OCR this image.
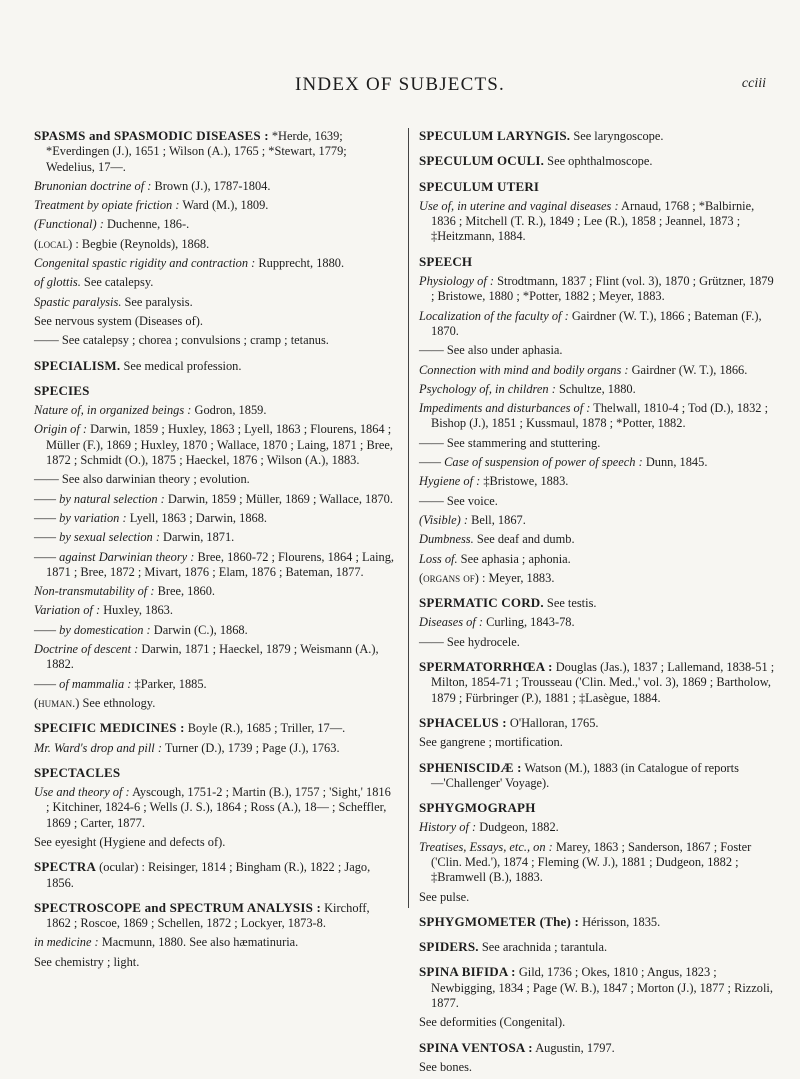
INDEX OF SUBJECTS.	cciii
SPASMS and SPASMODIC DISEASES : *Herde, 1639; *Everdingen (J.), 1651 ; Wilson (A.), 1765 ; *Stewart, 1779; Wedelius, 17—.
Brunonian doctrine of : Brown (J.), 1787-1804.
Treatment by opiate friction : Ward (M.), 1809.
(Functional) : Duchenne, 186-.
(local) : Begbie (Reynolds), 1868.
Congenital spastic rigidity and contraction : Rupprecht, 1880.
of glottis. See catalepsy.
Spastic paralysis. See paralysis.
See nervous system (Diseases of).
—— See catalepsy ; chorea ; convulsions ; cramp ; tetanus.
SPECIALISM. See medical profession.
SPECIES
Nature of, in organized beings : Godron, 1859.
Origin of : Darwin, 1859 ; Huxley, 1863 ; Lyell, 1863 ; Flourens, 1864 ; Müller (F.), 1869 ; Huxley, 1870 ; Wallace, 1870 ; Laing, 1871 ; Bree, 1872 ; Schmidt (O.), 1875 ; Haeckel, 1876 ; Wilson (A.), 1883.
—— See also darwinian theory ; evolution.
—— by natural selection : Darwin, 1859 ; Müller, 1869 ; Wallace, 1870.
—— by variation : Lyell, 1863 ; Darwin, 1868.
—— by sexual selection : Darwin, 1871.
—— against Darwinian theory : Bree, 1860-72 ; Flourens, 1864 ; Laing, 1871 ; Bree, 1872 ; Mivart, 1876 ; Elam, 1876 ; Bateman, 1877.
Non-transmutability of : Bree, 1860.
Variation of : Huxley, 1863.
—— by domestication : Darwin (C.), 1868.
Doctrine of descent : Darwin, 1871 ; Haeckel, 1879 ; Weismann (A.), 1882.
—— of mammalia : ‡Parker, 1885.
(human.) See ethnology.
SPECIFIC MEDICINES : Boyle (R.), 1685 ; Triller, 17—.
Mr. Ward's drop and pill : Turner (D.), 1739 ; Page (J.), 1763.
SPECTACLES
Use and theory of : Ayscough, 1751-2 ; Martin (B.), 1757 ; 'Sight,' 1816 ; Kitchiner, 1824-6 ; Wells (J. S.), 1864 ; Ross (A.), 18— ; Scheffler, 1869 ; Carter, 1877.
See eyesight (Hygiene and defects of).
SPECTRA (ocular) : Reisinger, 1814 ; Bingham (R.), 1822 ; Jago, 1856.
SPECTROSCOPE and SPECTRUM ANALYSIS : Kirchoff, 1862 ; Roscoe, 1869 ; Schellen, 1872 ; Lockyer, 1873-8.
in medicine : Macmunn, 1880. See also hæmatinuria.
See chemistry ; light.
SPECULUM LARYNGIS. See laryngoscope.
SPECULUM OCULI. See ophthalmoscope.
SPECULUM UTERI
Use of, in uterine and vaginal diseases : Arnaud, 1768 ; *Balbirnie, 1836 ; Mitchell (T. R.), 1849 ; Lee (R.), 1858 ; Jeannel, 1873 ; ‡Heitzmann, 1884.
SPEECH
Physiology of : Strodtmann, 1837 ; Flint (vol. 3), 1870 ; Grützner, 1879 ; Bristowe, 1880 ; *Potter, 1882 ; Meyer, 1883.
Localization of the faculty of : Gairdner (W. T.), 1866 ; Bateman (F.), 1870.
—— See also under aphasia.
Connection with mind and bodily organs : Gairdner (W. T.), 1866.
Psychology of, in children : Schultze, 1880.
Impediments and disturbances of : Thelwall, 1810-4 ; Tod (D.), 1832 ; Bishop (J.), 1851 ; Kussmaul, 1878 ; *Potter, 1882.
—— See stammering and stuttering.
—— Case of suspension of power of speech : Dunn, 1845.
Hygiene of : ‡Bristowe, 1883.
—— See voice.
(Visible) : Bell, 1867.
Dumbness. See deaf and dumb.
Loss of. See aphasia ; aphonia.
(organs of) : Meyer, 1883.
SPERMATIC CORD. See testis.
Diseases of : Curling, 1843-78.
—— See hydrocele.
SPERMATORRHŒA : Douglas (Jas.), 1837 ; Lallemand, 1838-51 ; Milton, 1854-71 ; Trousseau ('Clin. Med.,' vol. 3), 1869 ; Bartholow, 1879 ; Fürbringer (P.), 1881 ; ‡Lasègue, 1884.
SPHACELUS : O'Halloran, 1765.
See gangrene ; mortification.
SPHENISCIDÆ : Watson (M.), 1883 (in Catalogue of reports—'Challenger' Voyage).
SPHYGMOGRAPH
History of : Dudgeon, 1882.
Treatises, Essays, etc., on : Marey, 1863 ; Sanderson, 1867 ; Foster ('Clin. Med.'), 1874 ; Fleming (W. J.), 1881 ; Dudgeon, 1882 ; ‡Bramwell (B.), 1883.
See pulse.
SPHYGMOMETER (The) : Hérisson, 1835.
SPIDERS. See arachnida ; tarantula.
SPINA BIFIDA : Gild, 1736 ; Okes, 1810 ; Angus, 1823 ; Newbigging, 1834 ; Page (W. B.), 1847 ; Morton (J.), 1877 ; Rizzoli, 1877.
See deformities (Congenital).
SPINA VENTOSA : Augustin, 1797.
See bones.
